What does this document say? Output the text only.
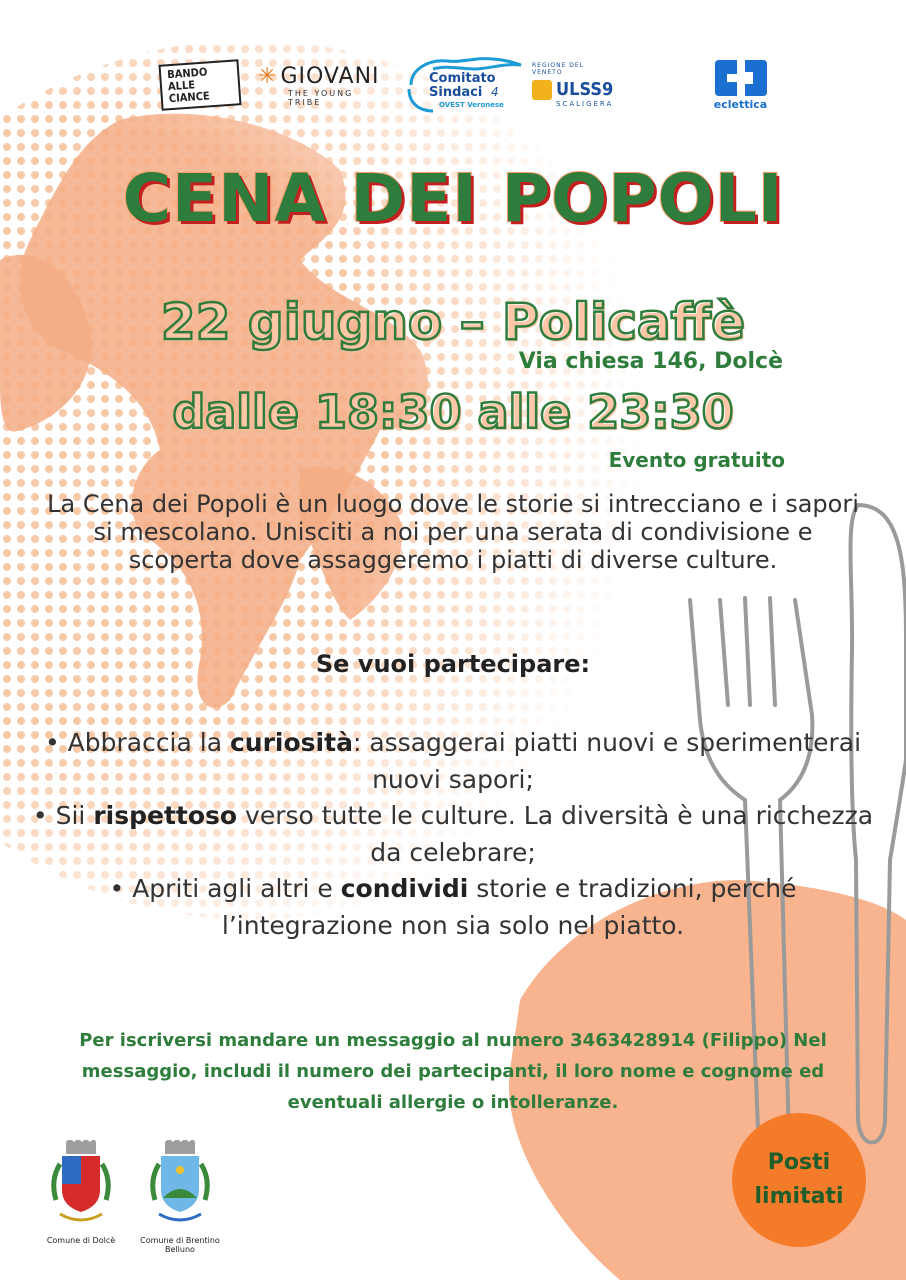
BANDO ALLE
CIANCE
✳ GIOVANI
THE YOUNG TRIBE
Comitato
Sindaci 4
OVEST Veronese
REGIONE DEL VENETO
ULSS9
SCALIGERA	eclettica
CENA DEI POPOLI
22 giugno – Policaffè
Via chiesa 146, Dolcè
dalle 18:30 alle 23:30
Evento gratuito

La Cena dei Popoli è un luogo dove le storie si intrecciano e i sapori si mescolano. Unisciti a noi per una serata di condivisione e scoperta dove assaggeremo i piatti di diverse culture.

Se vuoi partecipare:
• Abbraccia la curiosità: assaggerai piatti nuovi e sperimenterai nuovi sapori;
• Sii rispettoso verso tutte le culture. La diversità è una ricchezza da celebrare;
• Apriti agli altri e condividi storie e tradizioni, perché l’integrazione non sia solo nel piatto.

Per iscriversi mandare un messaggio al numero 3463428914 (Filippo) Nel messaggio, includi il numero dei partecipanti, il loro nome e cognome ed eventuali allergie o intolleranze.

Posti
limitati
Comune di Dolcè	Comune di Brentino Belluno
